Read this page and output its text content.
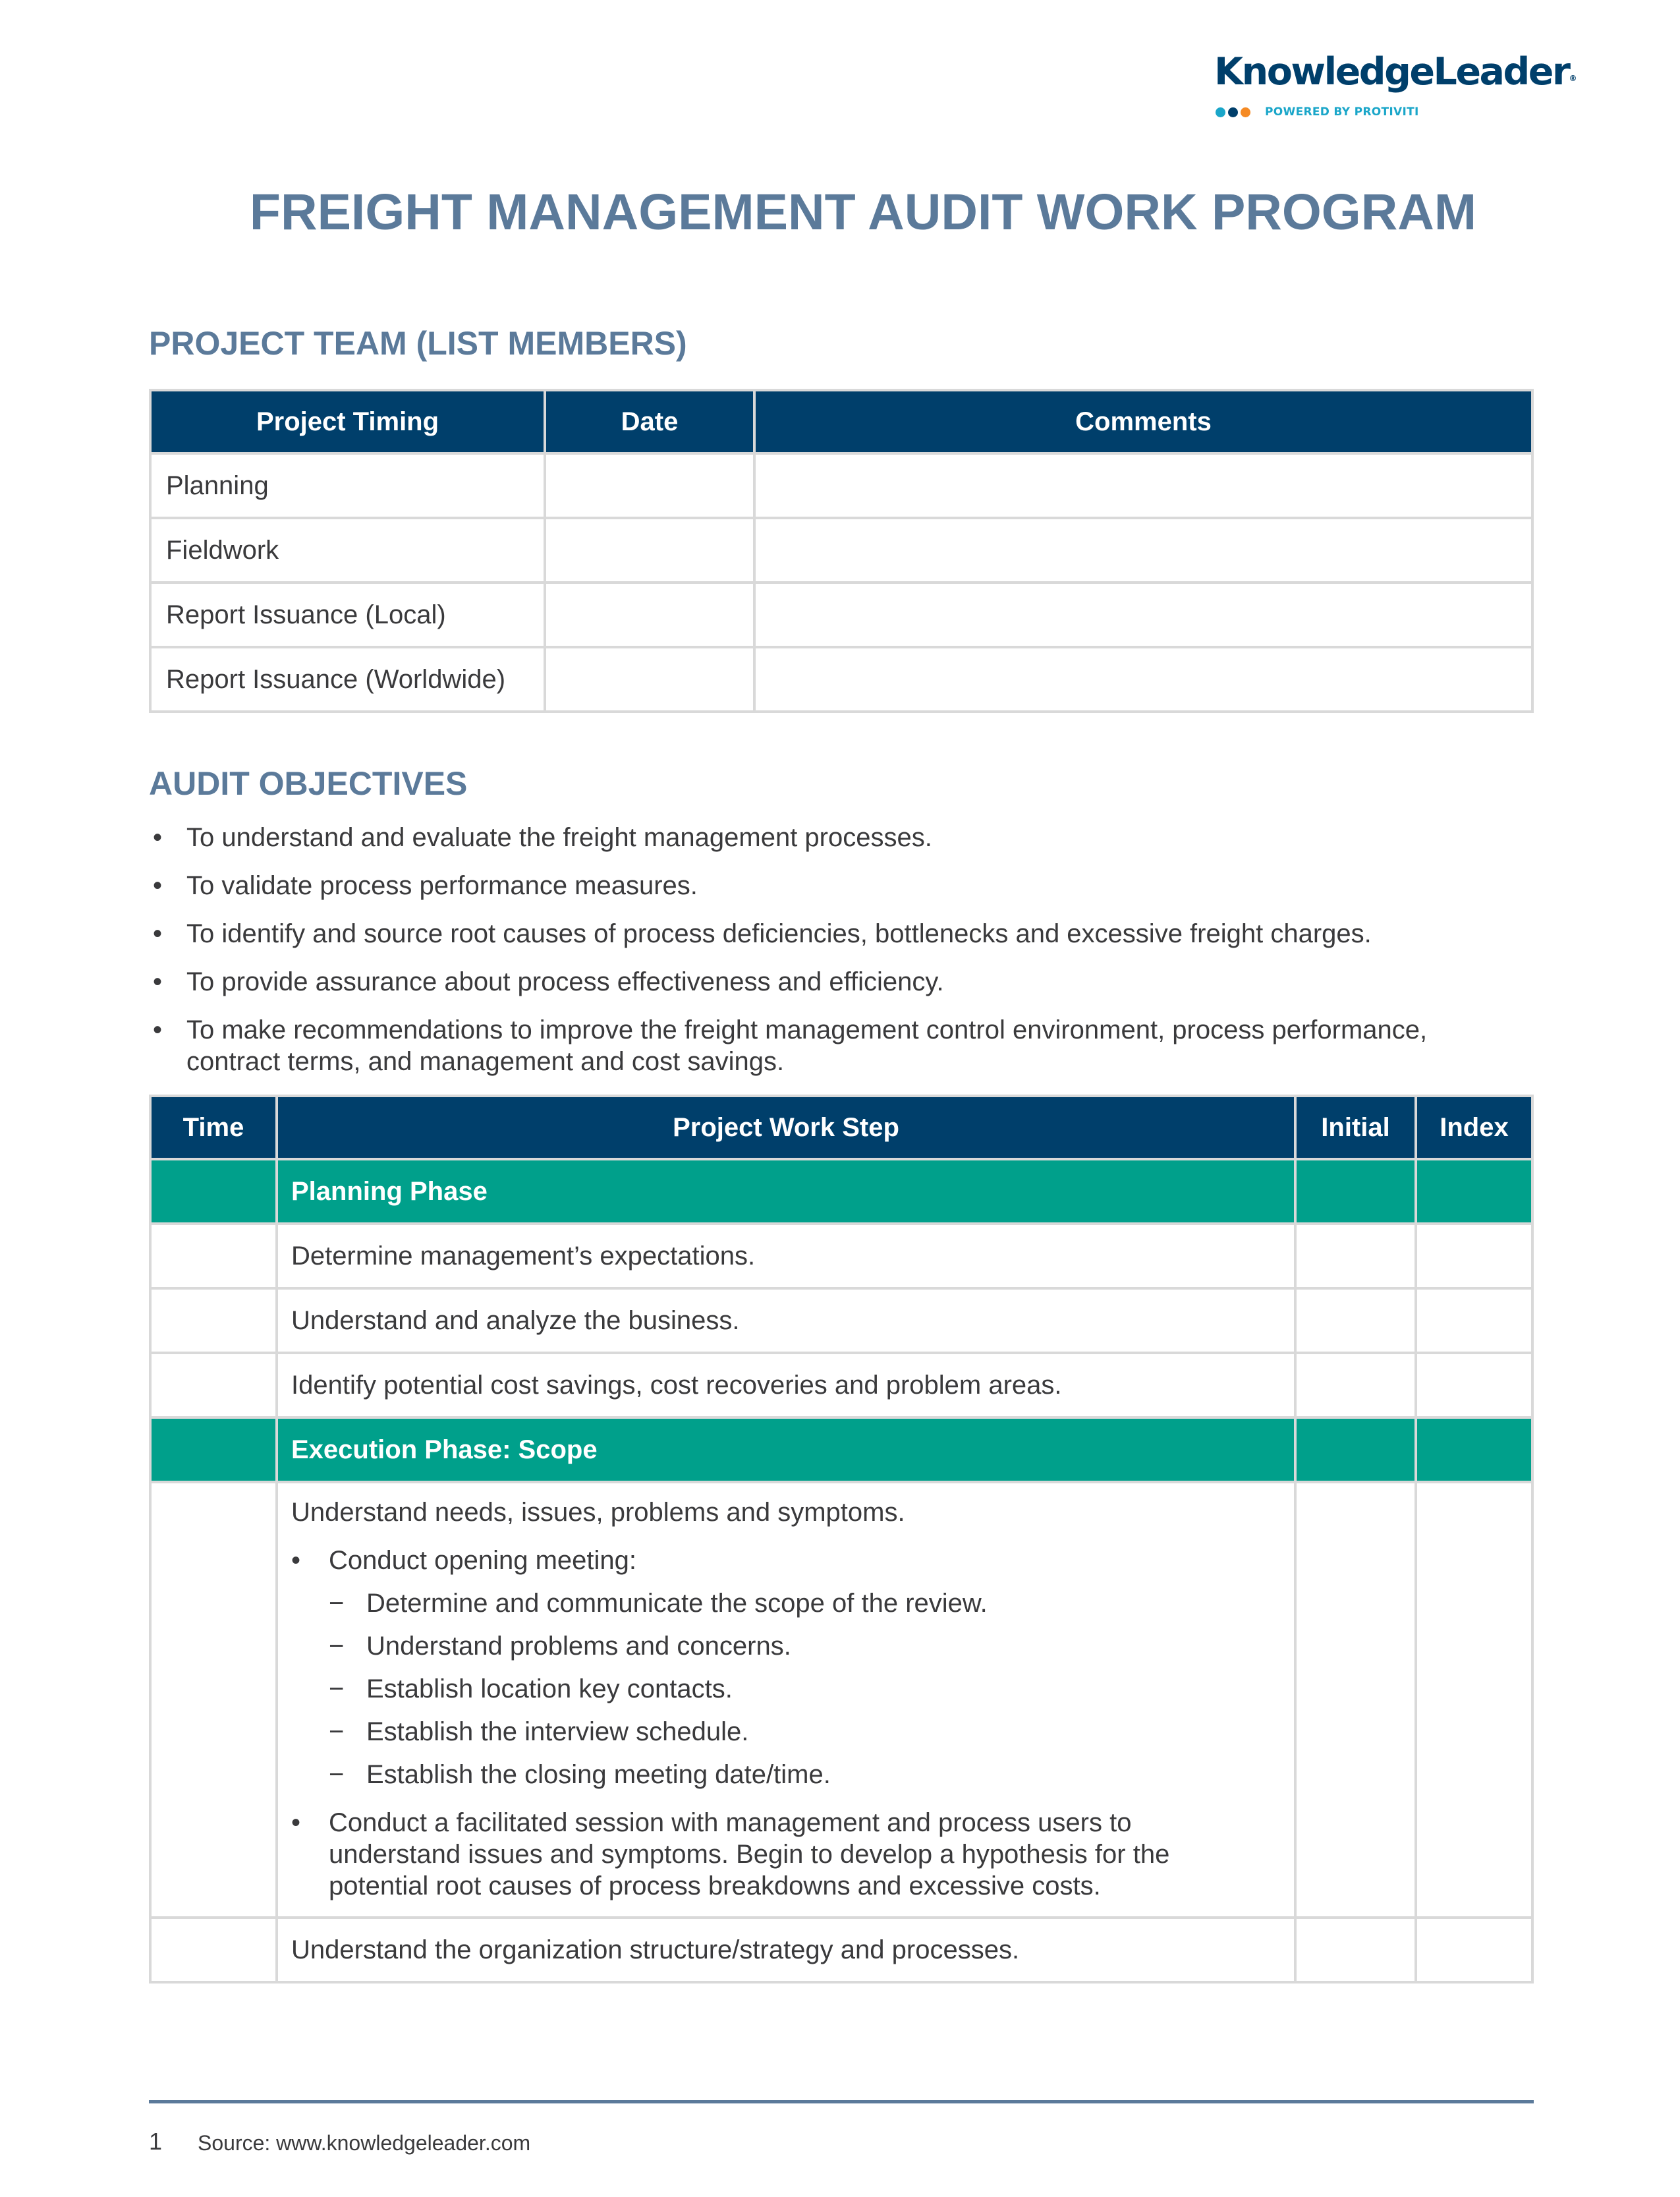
KnowledgeLeader®
POWERED BY PROTIVITI
FREIGHT MANAGEMENT AUDIT WORK PROGRAM
PROJECT TEAM (LIST MEMBERS)
Project Timing	Date	Comments
Planning		
Fieldwork		
Report Issuance (Local)		
Report Issuance (Worldwide)		
AUDIT OBJECTIVES
• To understand and evaluate the freight management processes.
• To validate process performance measures.
• To identify and source root causes of process deficiencies, bottlenecks and excessive freight charges.
• To provide assurance about process effectiveness and efficiency.
• To make recommendations to improve the freight management control environment, process performance,
contract terms, and management and cost savings.
Time	Project Work Step	Initial	Index
	Planning Phase		
	Determine management’s expectations.		
	Understand and analyze the business.		
	Identify potential cost savings, cost recoveries and problem areas.		
	Execution Phase: Scope		

Understand needs, issues, problems and symptoms.
• Conduct opening meeting:
− Determine and communicate the scope of the review.
− Understand problems and concerns.
− Establish location key contacts.
− Establish the interview schedule.
− Establish the closing meeting date/time.
• Conduct a facilitated session with management and process users to
understand issues and symptoms. Begin to develop a hypothesis for the
potential root causes of process breakdowns and excessive costs.

	Understand the organization structure/strategy and processes.		
1 Source: www.knowledgeleader.com
